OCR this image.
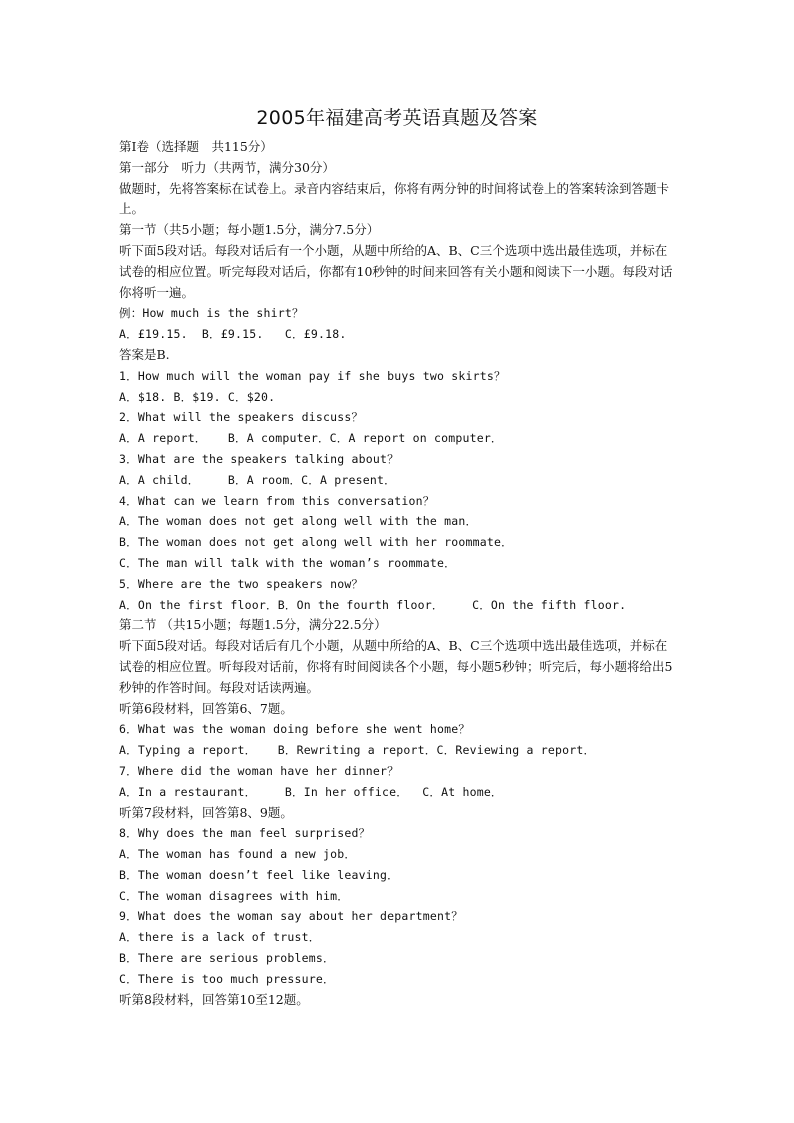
2005年福建高考英语真题及答案
第Ⅰ卷（选择题　共115分）
第一部分　听力（共两节，满分30分）
做题时，先将答案标在试卷上。录音内容结束后，你将有两分钟的时间将试卷上的答案转涂到答题卡上。
第一节（共5小题；每小题1.5分，满分7.5分）
听下面5段对话。每段对话后有一个小题，从题中所给的A、B、C三个选项中选出最佳选项，并标在试卷的相应位置。听完每段对话后，你都有10秒钟的时间来回答有关小题和阅读下一小题。每段对话你将听一遍。
例：How much is the shirt？
A．£19.15.  B．£9.15.   C．£9.18.
答案是B.
1．How much will the woman pay if she buys two skirts？
A．$18. B．$19. C．$20.
2．What will the speakers discuss？
A．A report．   B．A computer．C．A report on computer．
3．What are the speakers talking about？
A．A child．    B．A room．C．A present．
4．What can we learn from this conversation？
A．The woman does not get along well with the man．
B．The woman does not get along well with her roommate．
C．The man will talk with the woman’s roommate．
5．Where are the two speakers now？
A．On the first floor．B．On the fourth floor．    C．On the fifth floor.
第二节 （共15小题；每题1.5分，满分22.5分）
听下面5段对话。每段对话后有几个小题，从题中所给的A、B、C三个选项中选出最佳选项，并标在试卷的相应位置。听每段对话前，你将有时间阅读各个小题，每小题5秒钟；听完后，每小题将给出5秒钟的作答时间。每段对话读两遍。
听第6段材料，回答第6、7题。
6．What was the woman doing before she went home？
A．Typing a report．   B．Rewriting a report．C．Reviewing a report．
7．Where did the woman have her dinner？
A．In a restaurant．    B．In her office．  C．At home．
听第7段材料，回答第8、9题。
8．Why does the man feel surprised？
A．The woman has found a new job．
B．The woman doesn’t feel like leaving．
C．The woman disagrees with him．
9．What does the woman say about her department？
A．there is a lack of trust．
B．There are serious problems．
C．There is too much pressure．
听第8段材料，回答第10至12题。
